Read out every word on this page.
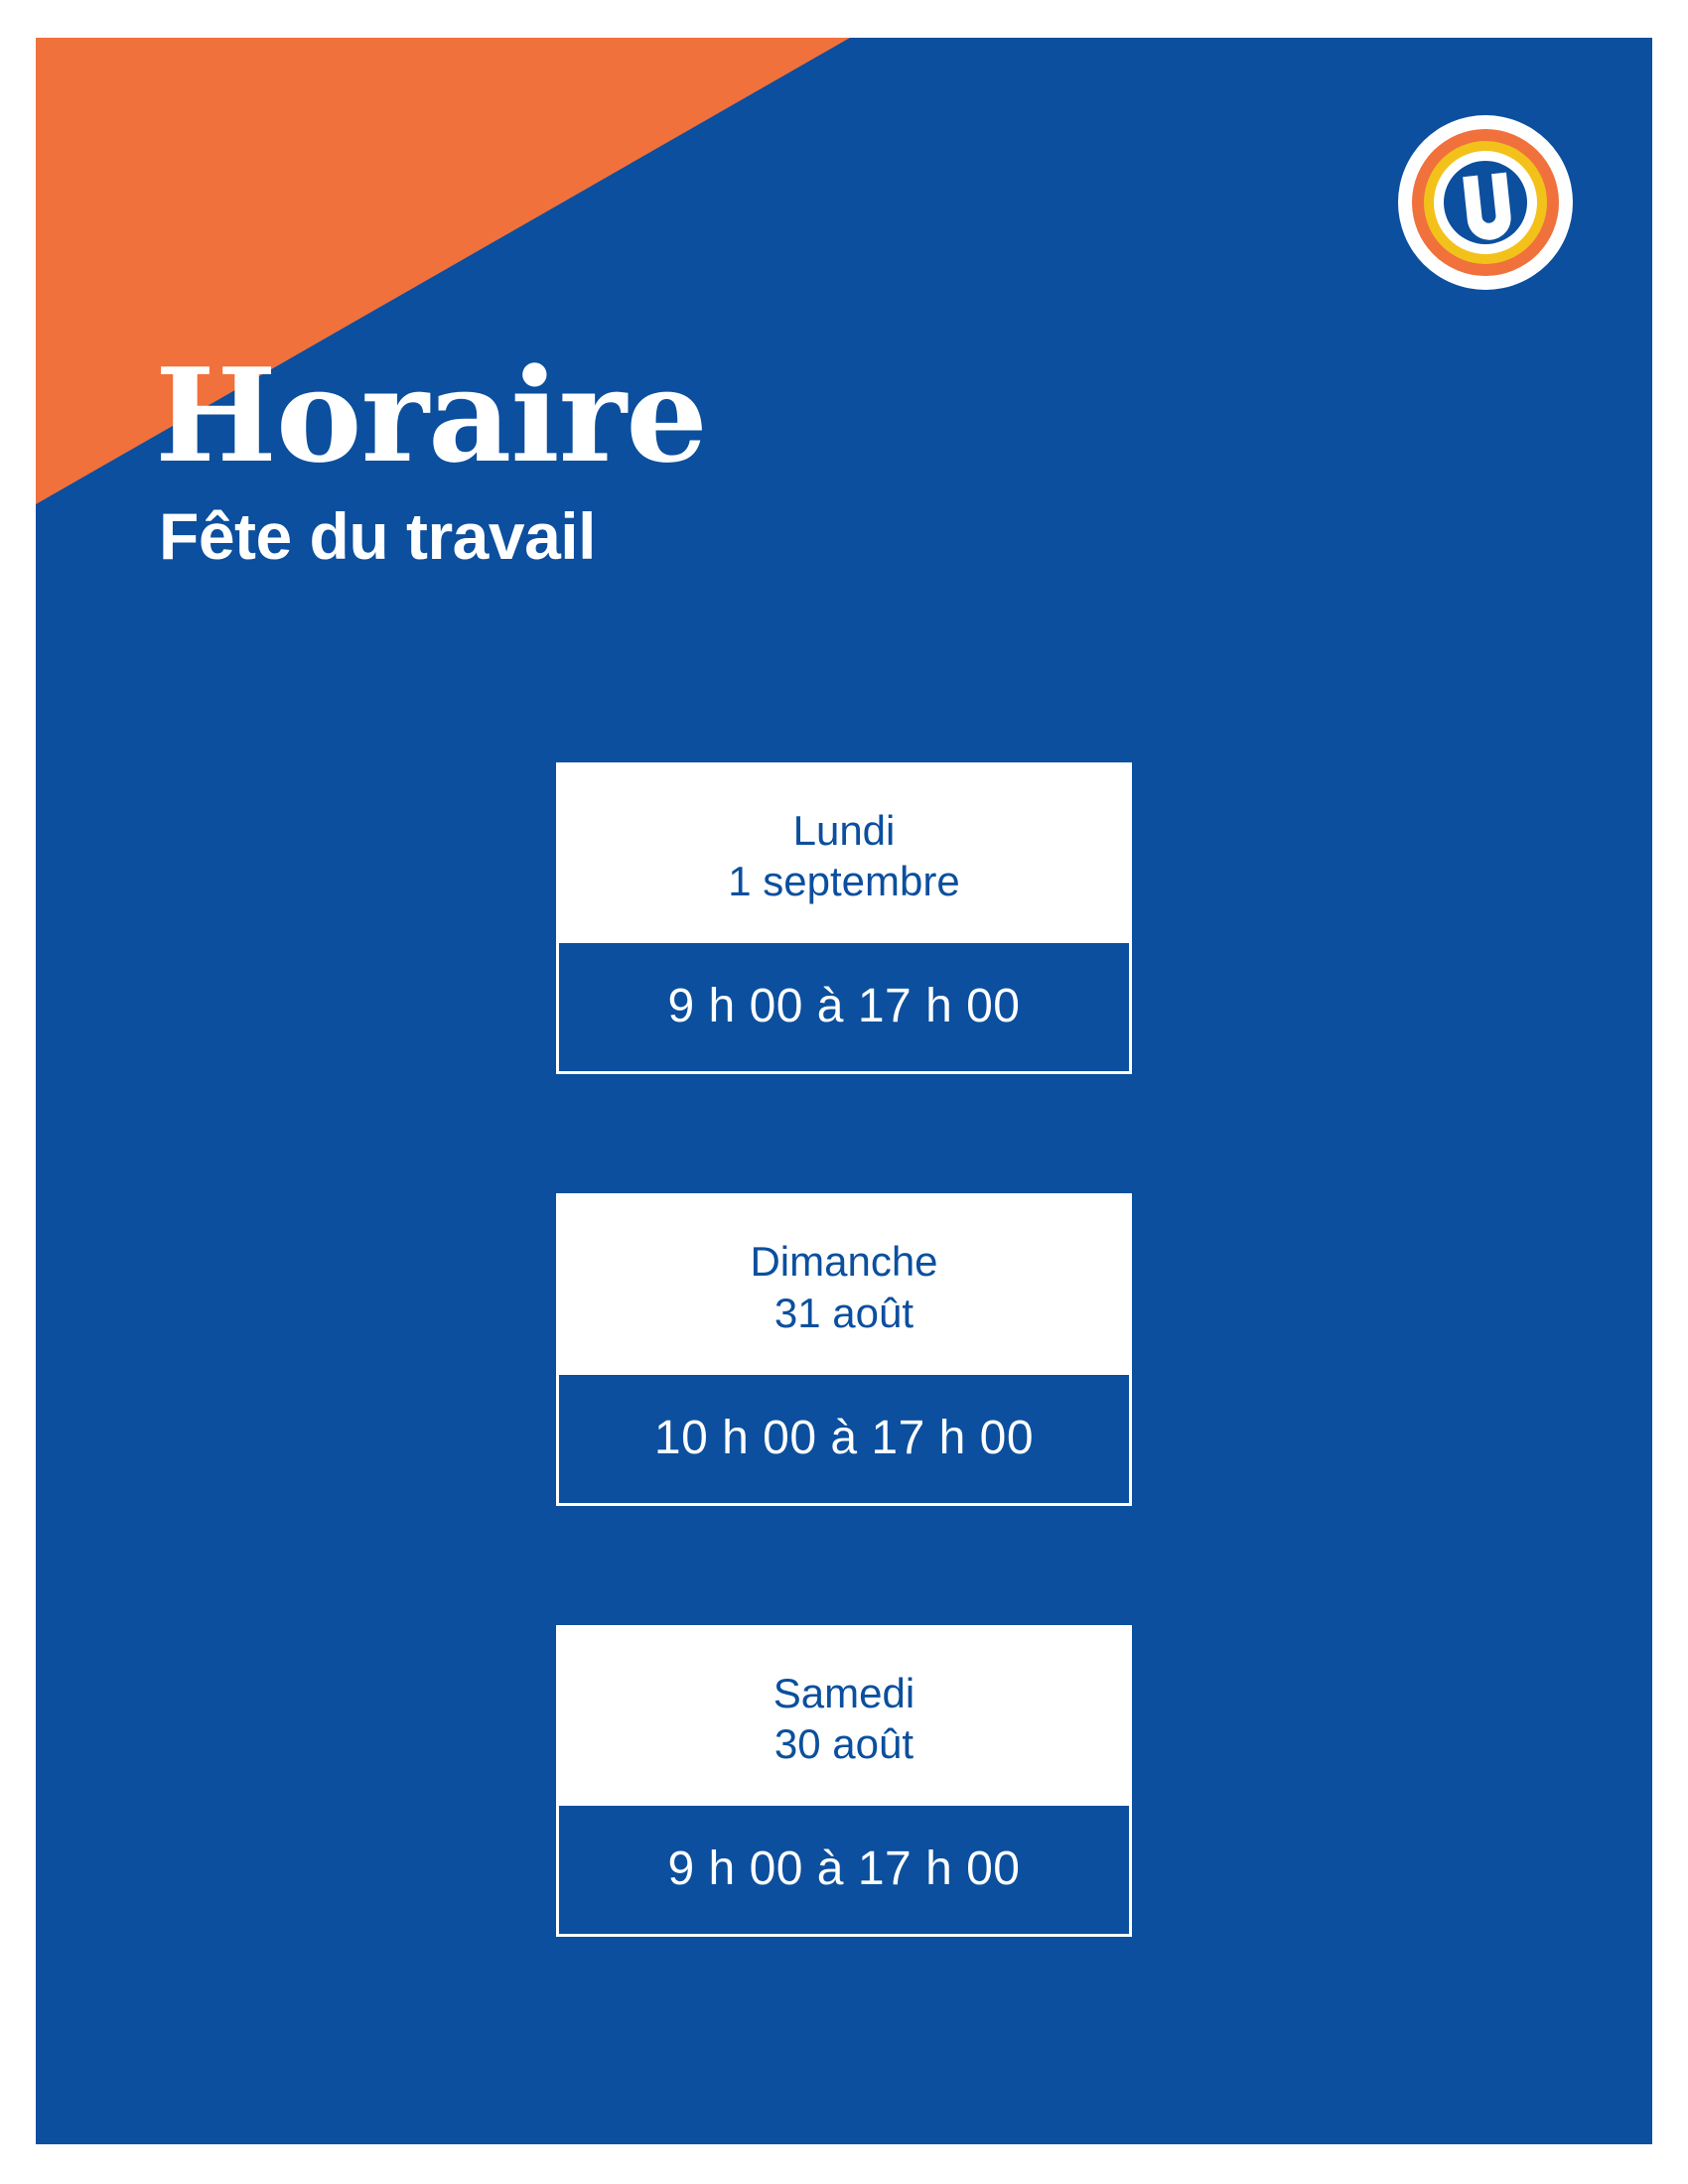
Horaire
Fête du travail
Lundi
1 septembre
9 h 00 à 17 h 00
Dimanche
31 août
10 h 00 à 17 h 00
Samedi
30 août
9 h 00 à 17 h 00
